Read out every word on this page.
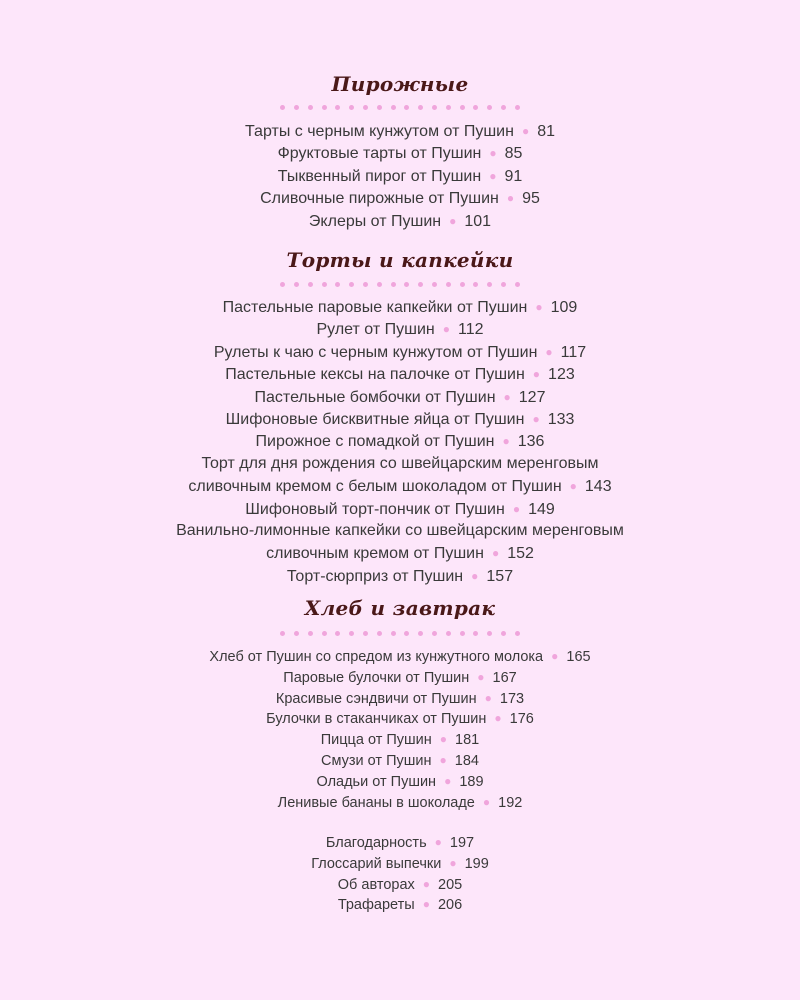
Пирожные
Тарты с черным кунжутом от Пушин ● 81
Фруктовые тарты от Пушин ● 85
Тыквенный пирог от Пушин ● 91
Сливочные пирожные от Пушин ● 95
Эклеры от Пушин ● 101
Торты и капкейки
Пастельные паровые капкейки от Пушин ● 109
Рулет от Пушин ● 112
Рулеты к чаю с черным кунжутом от Пушин ● 117
Пастельные кексы на палочке от Пушин ● 123
Пастельные бомбочки от Пушин ● 127
Шифоновые бисквитные яйца от Пушин ● 133
Пирожное с помадкой от Пушин ● 136
Торт для дня рождения со швейцарским меренговым
сливочным кремом с белым шоколадом от Пушин ● 143
Шифоновый торт-пончик от Пушин ● 149
Ванильно-лимонные капкейки со швейцарским меренговым
сливочным кремом от Пушин ● 152
Торт-сюрприз от Пушин ● 157
Хлеб и завтрак
Хлеб от Пушин со спредом из кунжутного молока ● 165
Паровые булочки от Пушин ● 167
Красивые сэндвичи от Пушин ● 173
Булочки в стаканчиках от Пушин ● 176
Пицца от Пушин ● 181
Смузи от Пушин ● 184
Оладьи от Пушин ● 189
Ленивые бананы в шоколаде ● 192
Благодарность ● 197
Глоссарий выпечки ● 199
Об авторах ● 205
Трафареты ● 206
